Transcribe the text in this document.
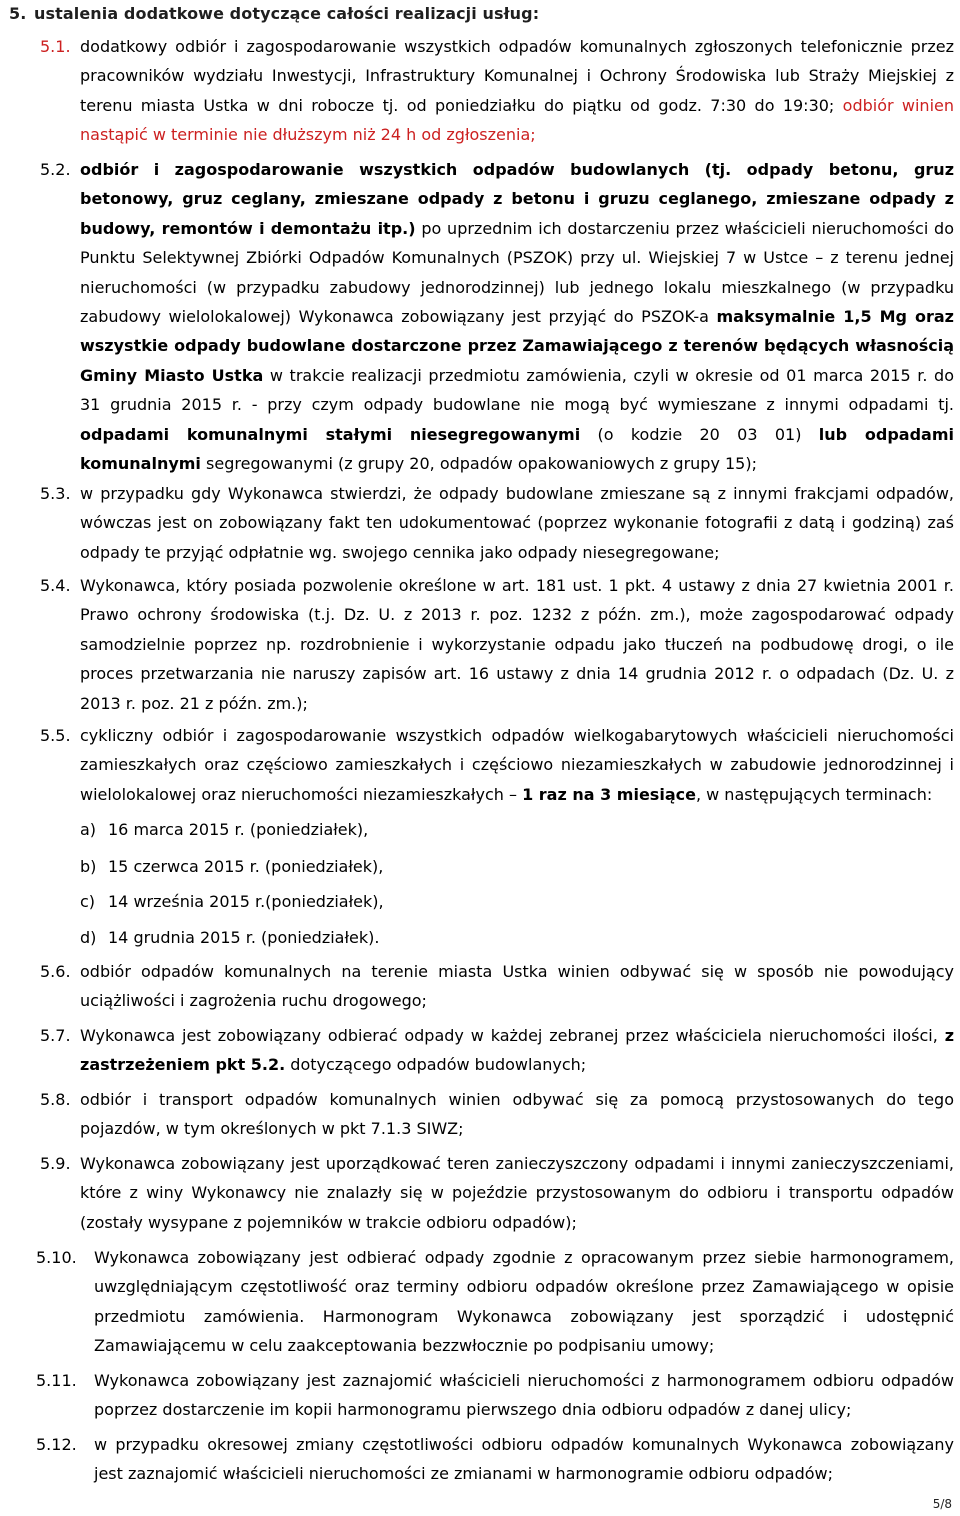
5. ustalenia dodatkowe dotyczące całości realizacji usług:
5.1. dodatkowy odbiór i zagospodarowanie wszystkich odpadów komunalnych zgłoszonych telefonicznie przez pracowników wydziału Inwestycji, Infrastruktury Komunalnej i Ochrony Środowiska lub Straży Miejskiej z terenu miasta Ustka w dni robocze tj. od poniedziałku do piątku od godz. 7:30 do 19:30; odbiór winien nastąpić w terminie nie dłuższym niż 24 h od zgłoszenia;

5.2. odbiór i zagospodarowanie wszystkich odpadów budowlanych (tj. odpady betonu, gruz betonowy, gruz ceglany, zmieszane odpady z betonu i gruzu ceglanego, zmieszane odpady z budowy, remontów i demontażu itp.) po uprzednim ich dostarczeniu przez właścicieli nieruchomości do Punktu Selektywnej Zbiórki Odpadów Komunalnych (PSZOK) przy ul. Wiejskiej 7 w Ustce – z terenu jednej nieruchomości (w przypadku zabudowy jednorodzinnej) lub jednego lokalu mieszkalnego (w przypadku zabudowy wielolokalowej) Wykonawca zobowiązany jest przyjąć do PSZOK-a maksymalnie 1,5 Mg oraz wszystkie odpady budowlane dostarczone przez Zamawiającego z terenów będących własnością Gminy Miasto Ustka w trakcie realizacji przedmiotu zamówienia, czyli w okresie od 01 marca 2015 r. do 31 grudnia 2015 r. - przy czym odpady budowlane nie mogą być wymieszane z innymi odpadami tj. odpadami komunalnymi stałymi niesegregowanymi (o kodzie 20 03 01) lub odpadami komunalnymi segregowanymi (z grupy 20, odpadów opakowaniowych z grupy 15);

5.3. w przypadku gdy Wykonawca stwierdzi, że odpady budowlane zmieszane są z innymi frakcjami odpadów, wówczas jest on zobowiązany fakt ten udokumentować (poprzez wykonanie fotografii z datą i godziną) zaś odpady te przyjąć odpłatnie wg. swojego cennika jako odpady niesegregowane;

5.4. Wykonawca, który posiada pozwolenie określone w art. 181 ust. 1 pkt. 4 ustawy z dnia 27 kwietnia 2001 r. Prawo ochrony środowiska (t.j. Dz. U. z 2013 r. poz. 1232 z późn. zm.), może zagospodarować odpady samodzielnie poprzez np. rozdrobnienie i wykorzystanie odpadu jako tłuczeń na podbudowę drogi, o ile proces przetwarzania nie naruszy zapisów art. 16 ustawy z dnia 14 grudnia 2012 r. o odpadach (Dz. U. z 2013 r. poz. 21 z późn. zm.);

5.5. cykliczny odbiór i zagospodarowanie wszystkich odpadów wielkogabarytowych właścicieli nieruchomości zamieszkałych oraz częściowo zamieszkałych i częściowo niezamieszkałych w zabudowie jednorodzinnej i wielolokalowej oraz nieruchomości niezamieszkałych – 1 raz na 3 miesiące, w następujących terminach:

a) 16 marca 2015 r. (poniedziałek),
b) 15 czerwca 2015 r. (poniedziałek),
c) 14 września 2015 r.(poniedziałek),
d) 14 grudnia 2015 r. (poniedziałek).
5.6. odbiór odpadów komunalnych na terenie miasta Ustka winien odbywać się w sposób nie powodujący uciążliwości i zagrożenia ruchu drogowego;

5.7. Wykonawca jest zobowiązany odbierać odpady w każdej zebranej przez właściciela nieruchomości ilości, z zastrzeżeniem pkt 5.2. dotyczącego odpadów budowlanych;

5.8. odbiór i transport odpadów komunalnych winien odbywać się za pomocą przystosowanych do tego pojazdów, w tym określonych w pkt 7.1.3 SIWZ;

5.9. Wykonawca zobowiązany jest uporządkować teren zanieczyszczony odpadami i innymi zanieczyszczeniami, które z winy Wykonawcy nie znalazły się w pojeździe przystosowanym do odbioru i transportu odpadów (zostały wysypane z pojemników w trakcie odbioru odpadów);

5.10. Wykonawca zobowiązany jest odbierać odpady zgodnie z opracowanym przez siebie harmonogramem, uwzględniającym częstotliwość oraz terminy odbioru odpadów określone przez Zamawiającego w opisie przedmiotu zamówienia. Harmonogram Wykonawca zobowiązany jest sporządzić i udostępnić Zamawiającemu w celu zaakceptowania bezzwłocznie po podpisaniu umowy;

5.11. Wykonawca zobowiązany jest zaznajomić właścicieli nieruchomości z harmonogramem odbioru odpadów poprzez dostarczenie im kopii harmonogramu pierwszego dnia odbioru odpadów z danej ulicy;

5.12. w przypadku okresowej zmiany częstotliwości odbioru odpadów komunalnych Wykonawca zobowiązany jest zaznajomić właścicieli nieruchomości ze zmianami w harmonogramie odbioru odpadów;

5/8
